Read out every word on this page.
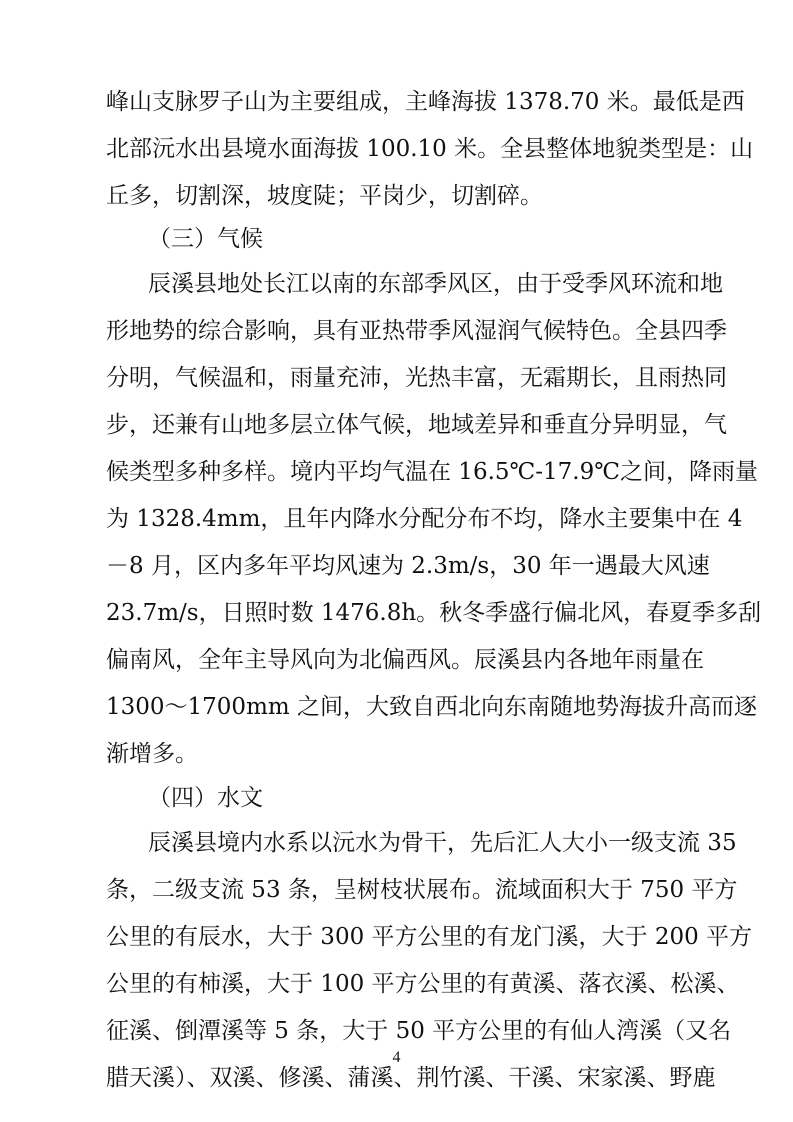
峰山支脉罗子山为主要组成，主峰海拔 1378.70 米。最低是西
北部沅水出县境水面海拔 100.10 米。全县整体地貌类型是：山
丘多，切割深，坡度陡；平岗少，切割碎。
（三）气候
辰溪县地处长江以南的东部季风区，由于受季风环流和地
形地势的综合影响，具有亚热带季风湿润气候特色。全县四季
分明，气候温和，雨量充沛，光热丰富，无霜期长，且雨热同
步，还兼有山地多层立体气候，地域差异和垂直分异明显，气
候类型多种多样。境内平均气温在 16.5℃-17.9℃之间，降雨量
为 1328.4mm，且年内降水分配分布不均，降水主要集中在 4
－8 月，区内多年平均风速为 2.3m/s，30 年一遇最大风速
23.7m/s，日照时数 1476.8h。秋冬季盛行偏北风，春夏季多刮
偏南风，全年主导风向为北偏西风。辰溪县内各地年雨量在
1300～1700mm 之间，大致自西北向东南随地势海拔升高而逐
渐增多。
（四）水文
辰溪县境内水系以沅水为骨干，先后汇人大小一级支流 35
条，二级支流 53 条，呈树枝状展布。流域面积大于 750 平方
公里的有辰水，大于 300 平方公里的有龙门溪，大于 200 平方
公里的有柿溪，大于 100 平方公里的有黄溪、落衣溪、松溪、
征溪、倒潭溪等 5 条，大于 50 平方公里的有仙人湾溪（又名
腊天溪）、双溪、修溪、蒲溪、荆竹溪、干溪、宋家溪、野鹿
4
